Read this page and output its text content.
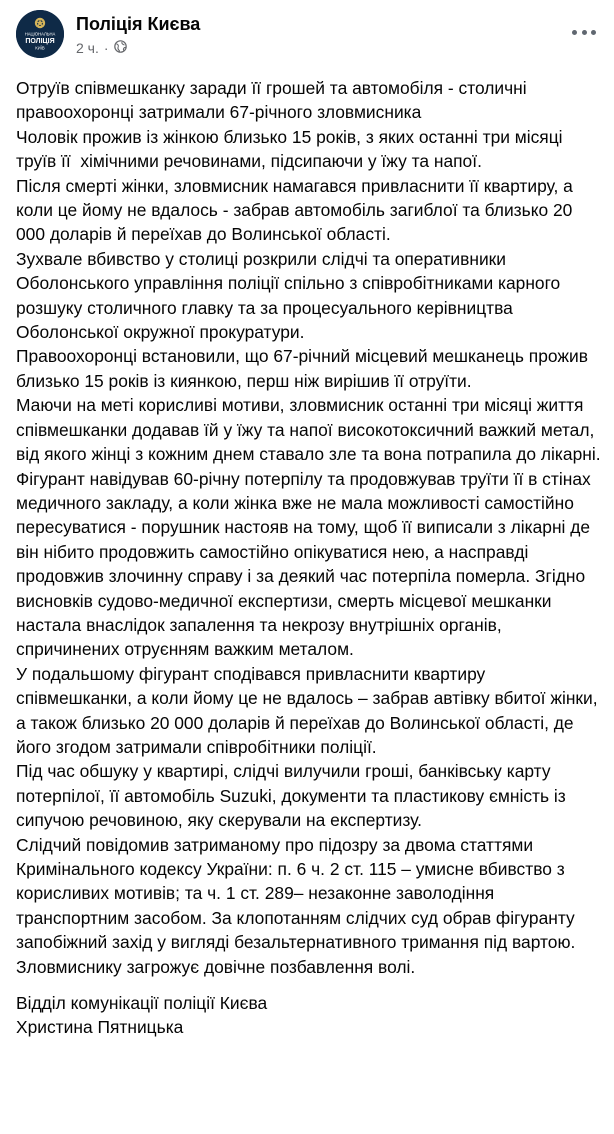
НАЦІОНАЛЬНА
ПОЛІЦІЯ
КИЇВ
Поліція Києва
2 ч. ·

Отруїв співмешканку заради її грошей та автомобіля - столичні правоохоронці затримали 67-річного зловмисника

Чоловік прожив із жінкою близько 15 років, з яких останні три місяці труїв її  хімічними речовинами, підсипаючи у їжу та напої.

Після смерті жінки, зловмисник намагався привласнити її квартиру, а коли це йому не вдалось - забрав автомобіль загиблої та близько 20 000 доларів й переїхав до Волинської області.

Зухвале вбивство у столиці розкрили слідчі та оперативники Оболонського управління поліції спільно з співробітниками карного розшуку столичного главку та за процесуального керівництва Оболонської окружної прокуратури.

Правоохоронці встановили, що 67-річний місцевий мешканець прожив близько 15 років із киянкою, перш ніж вирішив її отруїти.

Маючи на меті корисливі мотиви, зловмисник останні три місяці життя співмешканки додавав їй у їжу та напої високотоксичний важкий метал, від якого жінці з кожним днем ставало зле та вона потрапила до лікарні.

Фігурант навідував 60-річну потерпілу та продовжував труїти її в стінах медичного закладу, а коли жінка вже не мала можливості самостійно пересуватися - порушник настояв на тому, щоб її виписали з лікарні де він нібито продовжить самостійно опікуватися нею, а насправді продовжив злочинну справу і за деякий час потерпіла померла. Згідно висновків судово-медичної експертизи, смерть місцевої мешканки настала внаслідок запалення та некрозу внутрішніх органів, спричинених отруєнням важким металом.

У подальшому фігурант сподівався привласнити квартиру співмешканки, а коли йому це не вдалось – забрав автівку вбитої жінки,  а також близько 20 000 доларів й переїхав до Волинської області, де його згодом затримали співробітники поліції.

Під час обшуку у квартирі, слідчі вилучили гроші, банківську карту потерпілої, її автомобіль Suzuki, документи та пластикову ємність із сипучою речовиною, яку скерували на експертизу.

Слідчий повідомив затриманому про підозру за двома статтями Кримінального кодексу України: п. 6 ч. 2 ст. 115 – умисне вбивство з корисливих мотивів; та ч. 1 ст. 289– незаконне заволодіння транспортним засобом. За клопотанням слідчих суд обрав фігуранту запобіжний захід у вигляді безальтернативного тримання під вартою. Зловмиснику загрожує довічне позбавлення волі.

Відділ комунікації поліції Києва

Христина Пятницька
